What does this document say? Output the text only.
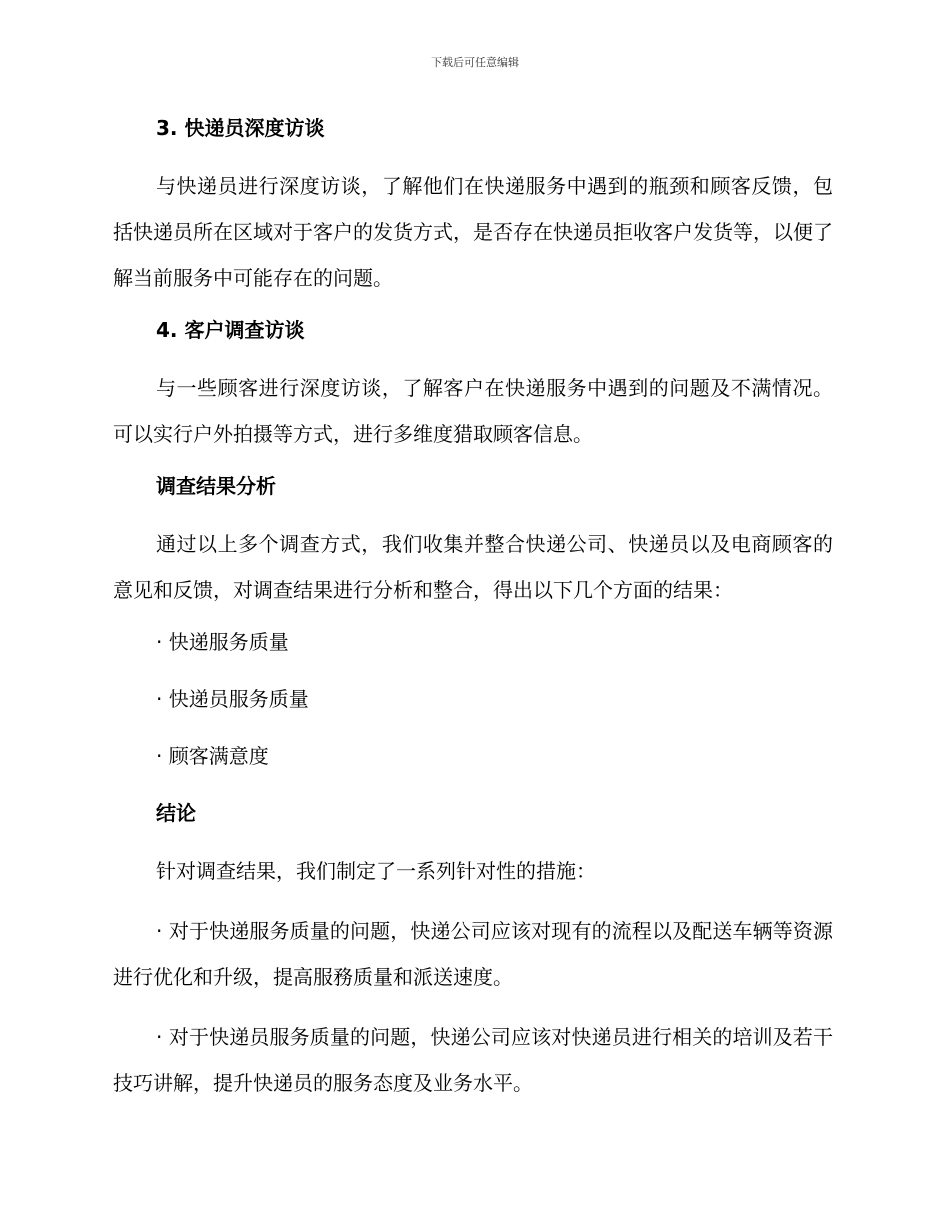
下载后可任意编辑
3. 快递员深度访谈

与快递员进行深度访谈，了解他们在快递服务中遇到的瓶颈和顾客反馈，包括快递员所在区域对于客户的发货方式，是否存在快递员拒收客户发货等，以便了解当前服务中可能存在的问题。

4. 客户调查访谈

与一些顾客进行深度访谈，了解客户在快递服务中遇到的问题及不满情况。可以实行户外拍摄等方式，进行多维度猎取顾客信息。

调查结果分析

通过以上多个调查方式，我们收集并整合快递公司、快递员以及电商顾客的意见和反馈，对调查结果进行分析和整合，得出以下几个方面的结果：

· 快递服务质量
· 快递员服务质量
· 顾客满意度
结论

针对调查结果，我们制定了一系列针对性的措施：

· 对于快递服务质量的问题，快递公司应该对现有的流程以及配送车辆等资源进行优化和升级，提高服務质量和派送速度。

· 对于快递员服务质量的问题，快递公司应该对快递员进行相关的培训及若干技巧讲解，提升快递员的服务态度及业务水平。
